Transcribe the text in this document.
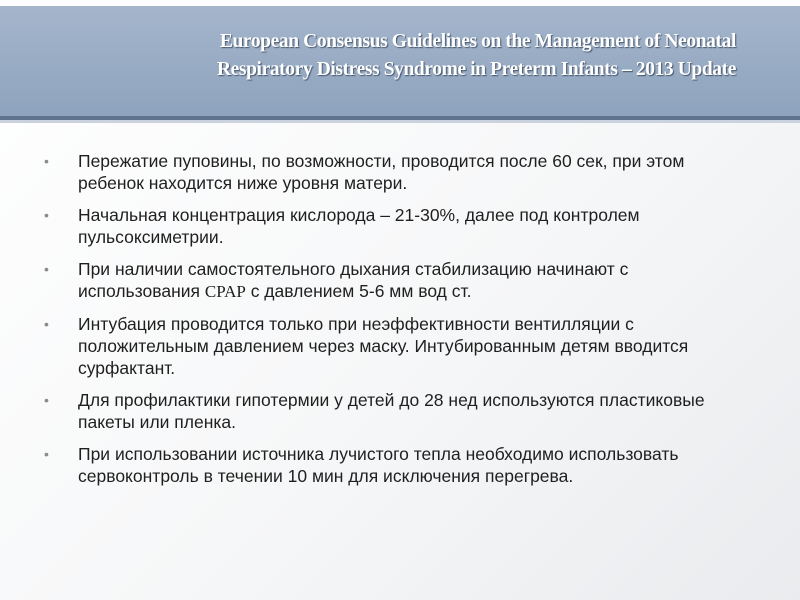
European Consensus Guidelines on the Management of Neonatal
Respiratory Distress Syndrome in Preterm Infants – 2013 Update
•	Пережатие пуповины, по возможности, проводится после 60 сек, при этом ребенок находится ниже уровня матери.
•	Начальная концентрация кислорода – 21-30%, далее под контролем пульсоксиметрии.
•	При наличии самостоятельного дыхания стабилизацию начинают с использования CPAP с давлением 5-6 мм вод ст.
•	Интубация проводится только при неэффективности вентилляции с положительным давлением через маску. Интубированным детям вводится сурфактант.
•	Для профилактики гипотермии у детей до 28 нед используются пластиковые пакеты или пленка.
•	При использовании источника лучистого тепла необходимо использовать сервоконтроль в течении 10 мин для исключения перегрева.
